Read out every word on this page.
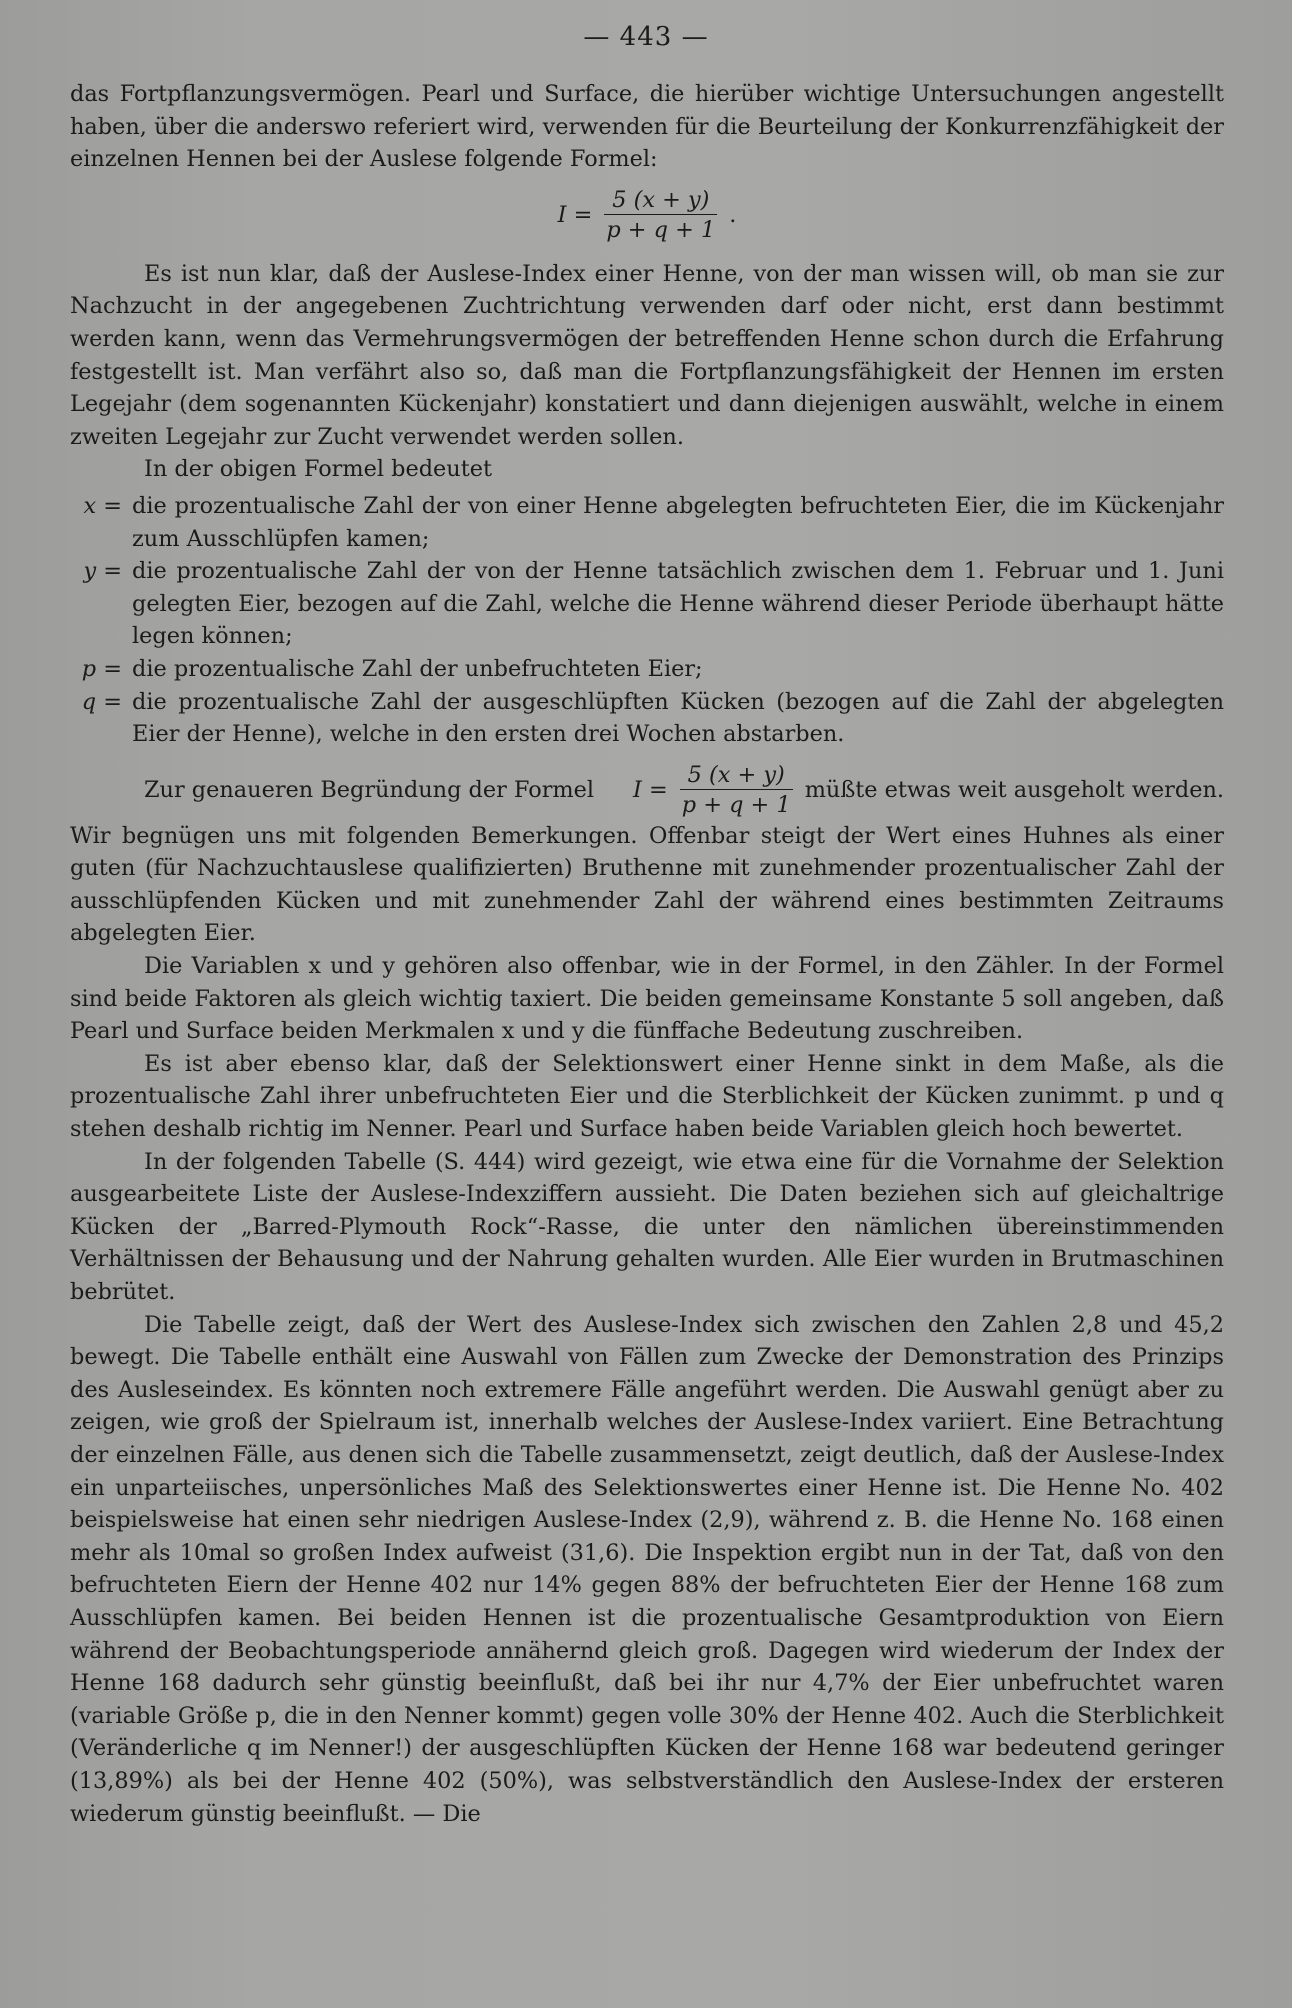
— 443 —

das Fortpflanzungsvermögen. Pearl und Surface, die hierüber wichtige Untersuchungen angestellt haben, über die anderswo referiert wird, verwenden für die Beurteilung der Konkurrenzfähigkeit der einzelnen Hennen bei der Auslese folgende Formel:

$I = \frac{5 (x + y)}{p + q + 1}$ .

Es ist nun klar, daß der Auslese-Index einer Henne, von der man wissen will, ob man sie zur Nachzucht in der angegebenen Zuchtrichtung verwenden darf oder nicht, erst dann bestimmt werden kann, wenn das Vermehrungsvermögen der betreffenden Henne schon durch die Erfahrung festgestellt ist. Man verfährt also so, daß man die Fortpflanzungsfähigkeit der Hennen im ersten Legejahr (dem sogenannten Kückenjahr) konstatiert und dann diejenigen auswählt, welche in einem zweiten Legejahr zur Zucht verwendet werden sollen.

In der obigen Formel bedeutet

x = die prozentualische Zahl der von einer Henne abgelegten befruchteten Eier, die im Kückenjahr zum Ausschlüpfen kamen;
y = die prozentualische Zahl der von der Henne tatsächlich zwischen dem 1. Februar und 1. Juni gelegten Eier, bezogen auf die Zahl, welche die Henne während dieser Periode überhaupt hätte legen können;
p = die prozentualische Zahl der unbefruchteten Eier;
q = die prozentualische Zahl der ausgeschlüpften Kücken (bezogen auf die Zahl der abgelegten Eier der Henne), welche in den ersten drei Wochen abstarben.
Zur genaueren Begründung der Formel	$I = \frac{5 (x + y)}{p + q + 1}$ müßte etwas weit ausgeholt werden.

Wir begnügen uns mit folgenden Bemerkungen. Offenbar steigt der Wert eines Huhnes als einer guten (für Nachzuchtauslese qualifizierten) Bruthenne mit zunehmender prozentualischer Zahl der ausschlüpfenden Kücken und mit zunehmender Zahl der während eines bestimmten Zeitraums abgelegten Eier.

Die Variablen x und y gehören also offenbar, wie in der Formel, in den Zähler. In der Formel sind beide Faktoren als gleich wichtig taxiert. Die beiden gemeinsame Konstante 5 soll angeben, daß Pearl und Surface beiden Merkmalen x und y die fünffache Bedeutung zuschreiben.

Es ist aber ebenso klar, daß der Selektionswert einer Henne sinkt in dem Maße, als die prozentualische Zahl ihrer unbefruchteten Eier und die Sterblichkeit der Kücken zunimmt. p und q stehen deshalb richtig im Nenner. Pearl und Surface haben beide Variablen gleich hoch bewertet.

In der folgenden Tabelle (S. 444) wird gezeigt, wie etwa eine für die Vornahme der Selektion ausgearbeitete Liste der Auslese-Indexziffern aussieht. Die Daten beziehen sich auf gleichaltrige Kücken der „Barred-Plymouth Rock“-Rasse, die unter den nämlichen übereinstimmenden Verhältnissen der Behausung und der Nahrung gehalten wurden. Alle Eier wurden in Brutmaschinen bebrütet.

Die Tabelle zeigt, daß der Wert des Auslese-Index sich zwischen den Zahlen 2,8 und 45,2 bewegt. Die Tabelle enthält eine Auswahl von Fällen zum Zwecke der Demonstration des Prinzips des Ausleseindex. Es könnten noch extremere Fälle angeführt werden. Die Auswahl genügt aber zu zeigen, wie groß der Spielraum ist, innerhalb welches der Auslese-Index variiert. Eine Betrachtung der einzelnen Fälle, aus denen sich die Tabelle zusammensetzt, zeigt deutlich, daß der Auslese-Index ein unparteiisches, unpersönliches Maß des Selektionswertes einer Henne ist. Die Henne No. 402 beispielsweise hat einen sehr niedrigen Auslese-Index (2,9), während z. B. die Henne No. 168 einen mehr als 10mal so großen Index aufweist (31,6). Die Inspektion ergibt nun in der Tat, daß von den befruchteten Eiern der Henne 402 nur 14% gegen 88% der befruchteten Eier der Henne 168 zum Ausschlüpfen kamen. Bei beiden Hennen ist die prozentualische Gesamtproduktion von Eiern während der Beobachtungsperiode annähernd gleich groß. Dagegen wird wiederum der Index der Henne 168 dadurch sehr günstig beeinflußt, daß bei ihr nur 4,7% der Eier unbefruchtet waren (variable Größe p, die in den Nenner kommt) gegen volle 30% der Henne 402. Auch die Sterblichkeit (Veränderliche q im Nenner!) der ausgeschlüpften Kücken der Henne 168 war bedeutend geringer (13,89%) als bei der Henne 402 (50%), was selbstverständlich den Auslese-Index der ersteren wiederum günstig beeinflußt. — Die
